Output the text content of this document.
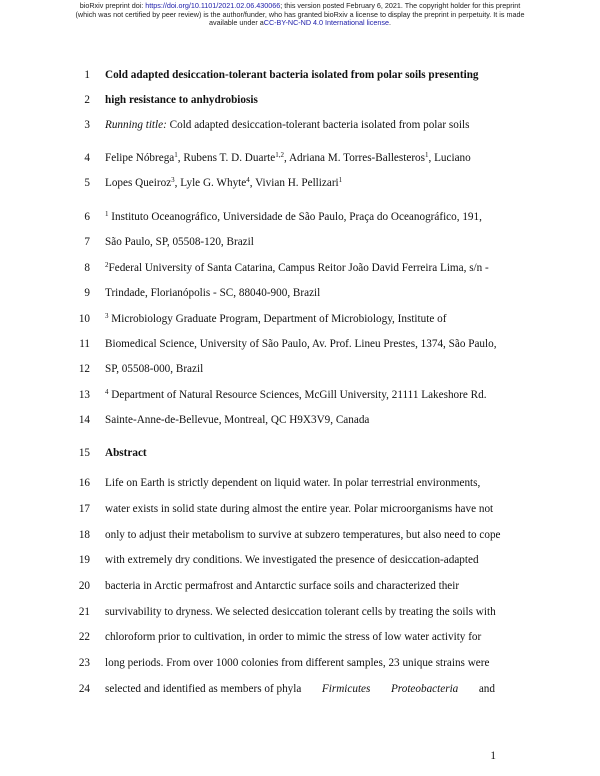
bioRxiv preprint doi: https://doi.org/10.1101/2021.02.06.430066; this version posted February 6, 2021. The copyright holder for this preprint
(which was not certified by peer review) is the author/funder, who has granted bioRxiv a license to display the preprint in perpetuity. It is made
available under aCC-BY-NC-ND 4.0 International license.
1 Cold adapted desiccation-tolerant bacteria isolated from polar soils presenting
2 high resistance to anhydrobiosis
3 Running title: Cold adapted desiccation-tolerant bacteria isolated from polar soils
4 Felipe Nóbrega$^1$, Rubens T. D. Duarte$^{1,2}$, Adriana M. Torres-Ballesteros$^1$, Luciano
5 Lopes Queiroz$^3$, Lyle G. Whyte$^4$, Vivian H. Pellizari$^1$
6 $^1$ Instituto Oceanográfico, Universidade de São Paulo, Praça do Oceanográfico, 191,
7 São Paulo, SP, 05508-120, Brazil
8 $^2$Federal University of Santa Catarina, Campus Reitor João David Ferreira Lima, s/n -
9 Trindade, Florianópolis - SC, 88040-900, Brazil
10 $^3$ Microbiology Graduate Program, Department of Microbiology, Institute of
11 Biomedical Science, University of São Paulo, Av. Prof. Lineu Prestes, 1374, São Paulo,
12 SP, 05508-000, Brazil
13 $^4$ Department of Natural Resource Sciences, McGill University, 21111 Lakeshore Rd.
14 Sainte-Anne-de-Bellevue, Montreal, QC H9X3V9, Canada
15 Abstract
16 Life on Earth is strictly dependent on liquid water. In polar terrestrial environments,
17 water exists in solid state during almost the entire year. Polar microorganisms have not
18 only to adjust their metabolism to survive at subzero temperatures, but also need to cope
19 with extremely dry conditions. We investigated the presence of desiccation-adapted
20 bacteria in Arctic permafrost and Antarctic surface soils and characterized their
21 survivability to dryness. We selected desiccation tolerant cells by treating the soils with
22 chloroform prior to cultivation, in order to mimic the stress of low water activity for
23 long periods. From over 1000 colonies from different samples, 23 unique strains were
24 selected and identified as members of phyla Firmicutes Proteobacteria and
1
